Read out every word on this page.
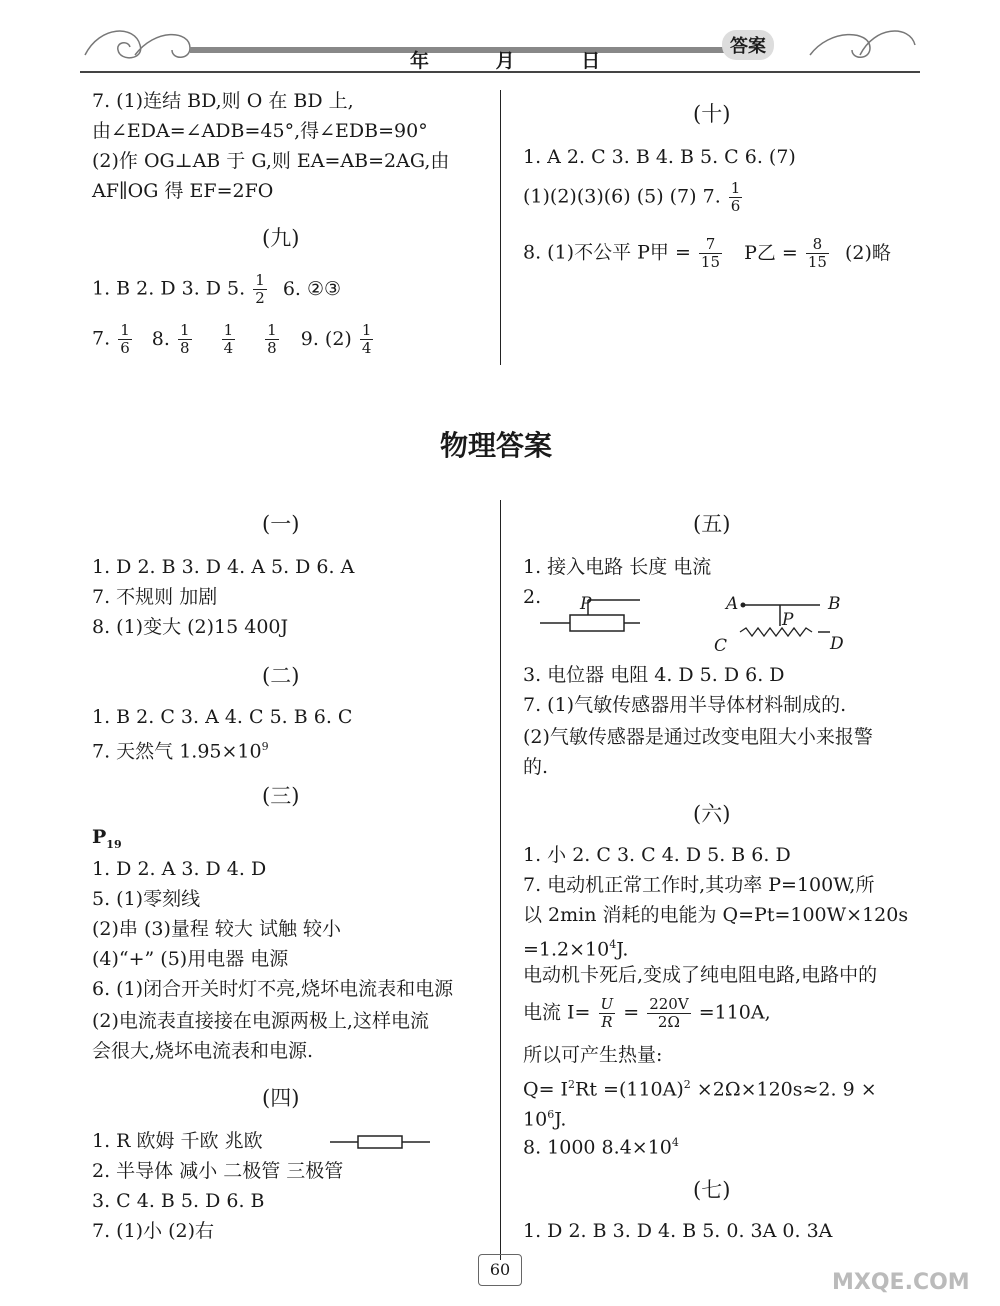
年 月 日
答案
7. (1)连结 BD,则 O 在 BD 上,
由∠EDA=∠ADB=45°,得∠EDB=90°
(2)作 OG⊥AB 于 G,则 EA=AB=2AG,由
AF∥OG 得 EF=2FO
(九)
1. B 2. D 3. D 5. $\frac{1}{2} 6$. ②③
7. $\frac{1}{6} 8$. $\frac{1}{8}$
$\frac{1}{4}$
$\frac{1}{8} 9$. $(2) \frac{1}{4}$
(十)
1. A 2. C 3. B 4. B 5. C 6. (7)
(1)(2)(3)(6) (5) (7) 7. $\frac{1}{6}$
8. (1)不公平 P甲 = $\frac{7}{15}$ P乙 = $\frac{8}{15} (2)$略
物理答案
(一)
1. D 2. B 3. D 4. A 5. D 6. A
7. 不规则 加剧
8. (1)变大 (2)15 400J
(二)
1. B 2. C 3. A 4. C 5. B 6. C
7. 天然气 $1.95\times 10^9$
(三)
$P_{19}$
1. D 2. A 3. D 4. D
5. (1)零刻线
(2)串 (3)量程 较大 试触 较小
(4)“+” (5)用电器 电源
6. (1)闭合开关时灯不亮,烧坏电流表和电源
(2)电流表直接接在电源两极上,这样电流
会很大,烧坏电流表和电源.
(四)
1. R 欧姆 千欧 兆欧
2. 半导体 减小 二极管 三极管
3. C 4. B 5. D 6. B
7. (1)小 (2)右
(五)
1. 接入电路 长度 电流
2. P	A	B
P
C	D
3. 电位器 电阻 4. D 5. D 6. D
7. (1)气敏传感器用半导体材料制成的.
(2)气敏传感器是通过改变电阻大小来报警
的.
(六)
1. 小 2. C 3. C 4. D 5. B 6. D
7. 电动机正常工作时,其功率 P=100W,所
以 2min 消耗的电能为 Q=Pt=100W×120s
$=1.2\times 10^4J$.
电动机卡死后,变成了纯电阻电路,电路中的
电流 $I= \frac{U}{R} = \frac{220V}{2\Omega} =110A$,
所以可产生热量:
$Q= I^2Rt =(110A)^2 \times 2\Omega\times 120s\approx 2$. 9 ×
$10^6J$.
8. 1000 $8.4\times 10^4$
(七)
1. D 2. B 3. D 4. B 5. 0. 3A 0. 3A
60
MXQE.COM
